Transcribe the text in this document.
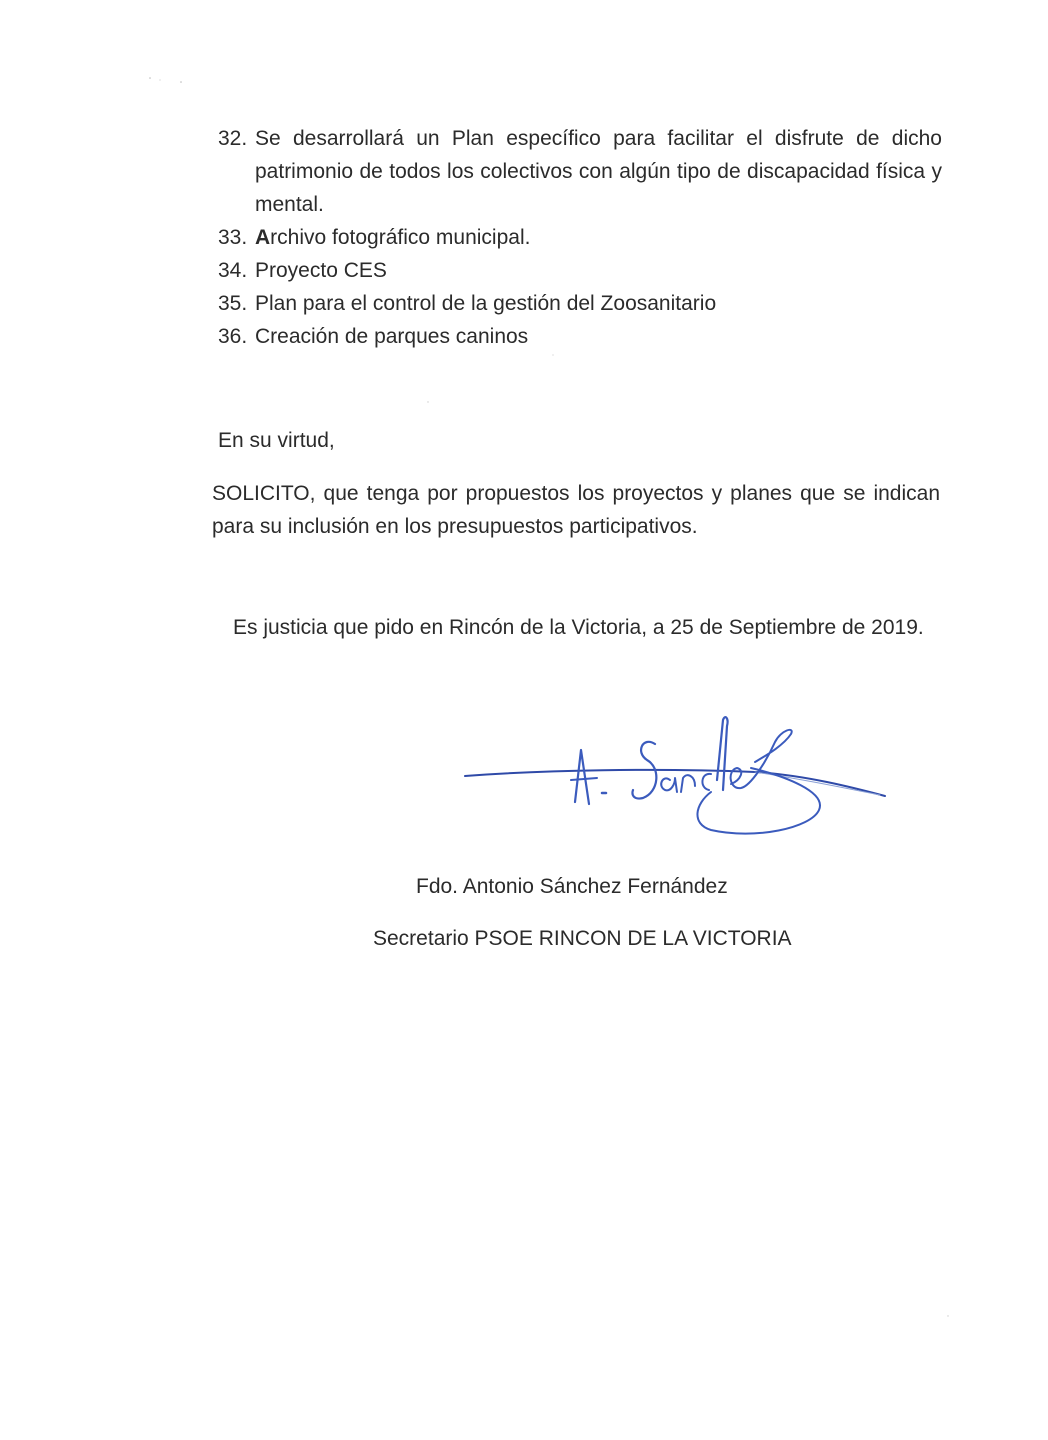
32. Se desarrollará un Plan específico para facilitar el disfrute de dicho patrimonio de todos los colectivos con algún tipo de discapacidad física y mental.
33. Archivo fotográfico municipal.
34. Proyecto CES
35. Plan para el control de la gestión del Zoosanitario
36. Creación de parques caninos
En su virtud,
SOLICITO, que tenga por propuestos los proyectos y planes que se indican para su inclusión en los presupuestos participativos.
Es justicia que pido en Rincón de la Victoria, a 25 de Septiembre de 2019.
Fdo. Antonio Sánchez Fernández
Secretario PSOE RINCON DE LA VICTORIA
